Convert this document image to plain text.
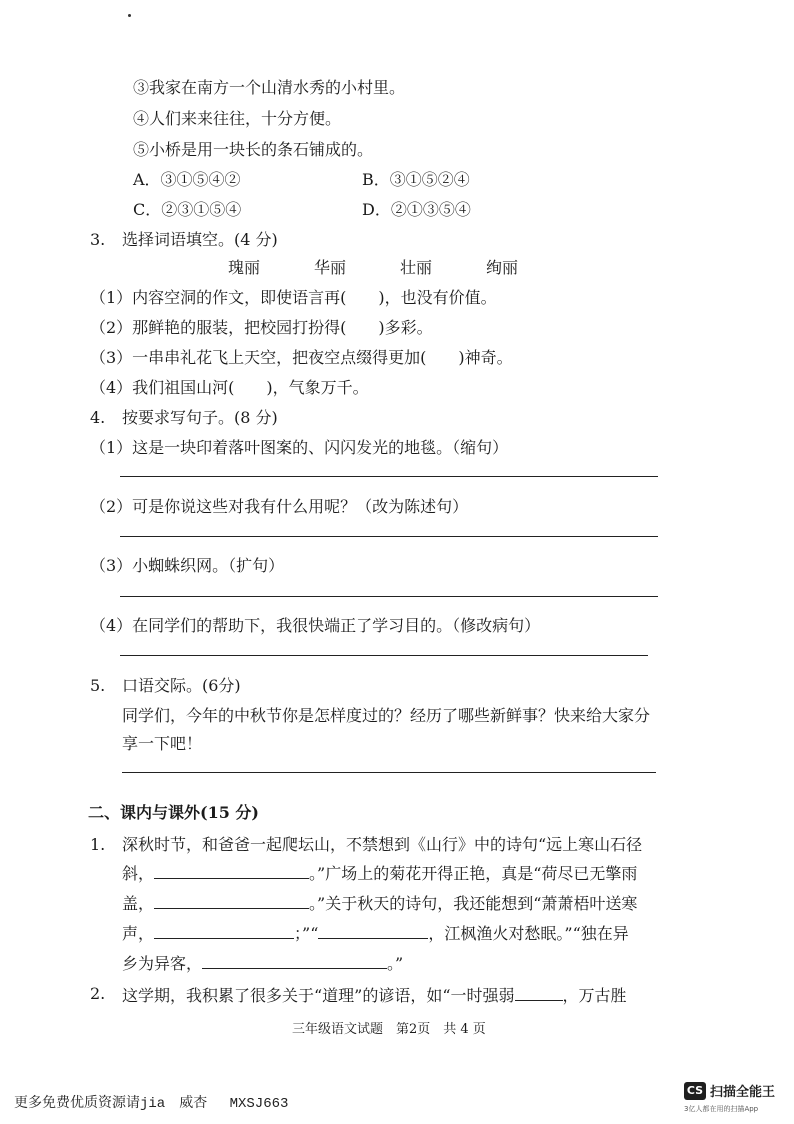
③我家在南方一个山清水秀的小村里。
④人们来来往往，十分方便。
⑤小桥是用一块长的条石铺成的。
A．③①⑤④②	B．③①⑤②④
C．②③①⑤④	D．②①③⑤④
3. 选择词语填空。(4 分)
瑰丽	华丽	壮丽	绚丽
（1）内容空洞的作文，即使语言再(　　)，也没有价值。
（2）那鲜艳的服装，把校园打扮得(　　)多彩。
（3）一串串礼花飞上天空，把夜空点缀得更加(　　)神奇。
（4）我们祖国山河(　　)，气象万千。
4. 按要求写句子。(8 分)
（1）这是一块印着落叶图案的、闪闪发光的地毯。（缩句）
（2）可是你说这些对我有什么用呢？（改为陈述句）
（3）小蜘蛛织网。（扩句）
（4）在同学们的帮助下，我很快端正了学习目的。（修改病句）
5. 口语交际。(6分)
同学们，今年的中秋节你是怎样度过的？经历了哪些新鲜事？快来给大家分
享一下吧！
二、课内与课外(15 分)
1. 深秋时节，和爸爸一起爬坛山，不禁想到《山行》中的诗句“远上寒山石径
斜，	。”广场上的菊花开得正艳，真是“荷尽已无擎雨
盖，	。”关于秋天的诗句，我还能想到“萧萧梧叶送寒
声，	；”“	，江枫渔火对愁眠。”“独在异
乡为异客，	。”
2. 这学期，我积累了很多关于“道理”的谚语，如“一时强弱	，万古胜
三年级语文试题　第2页　共 4 页
更多免费优质资源请jia　威杏　 MXSJ663
CS 扫描全能王
3亿人都在用的扫描App
